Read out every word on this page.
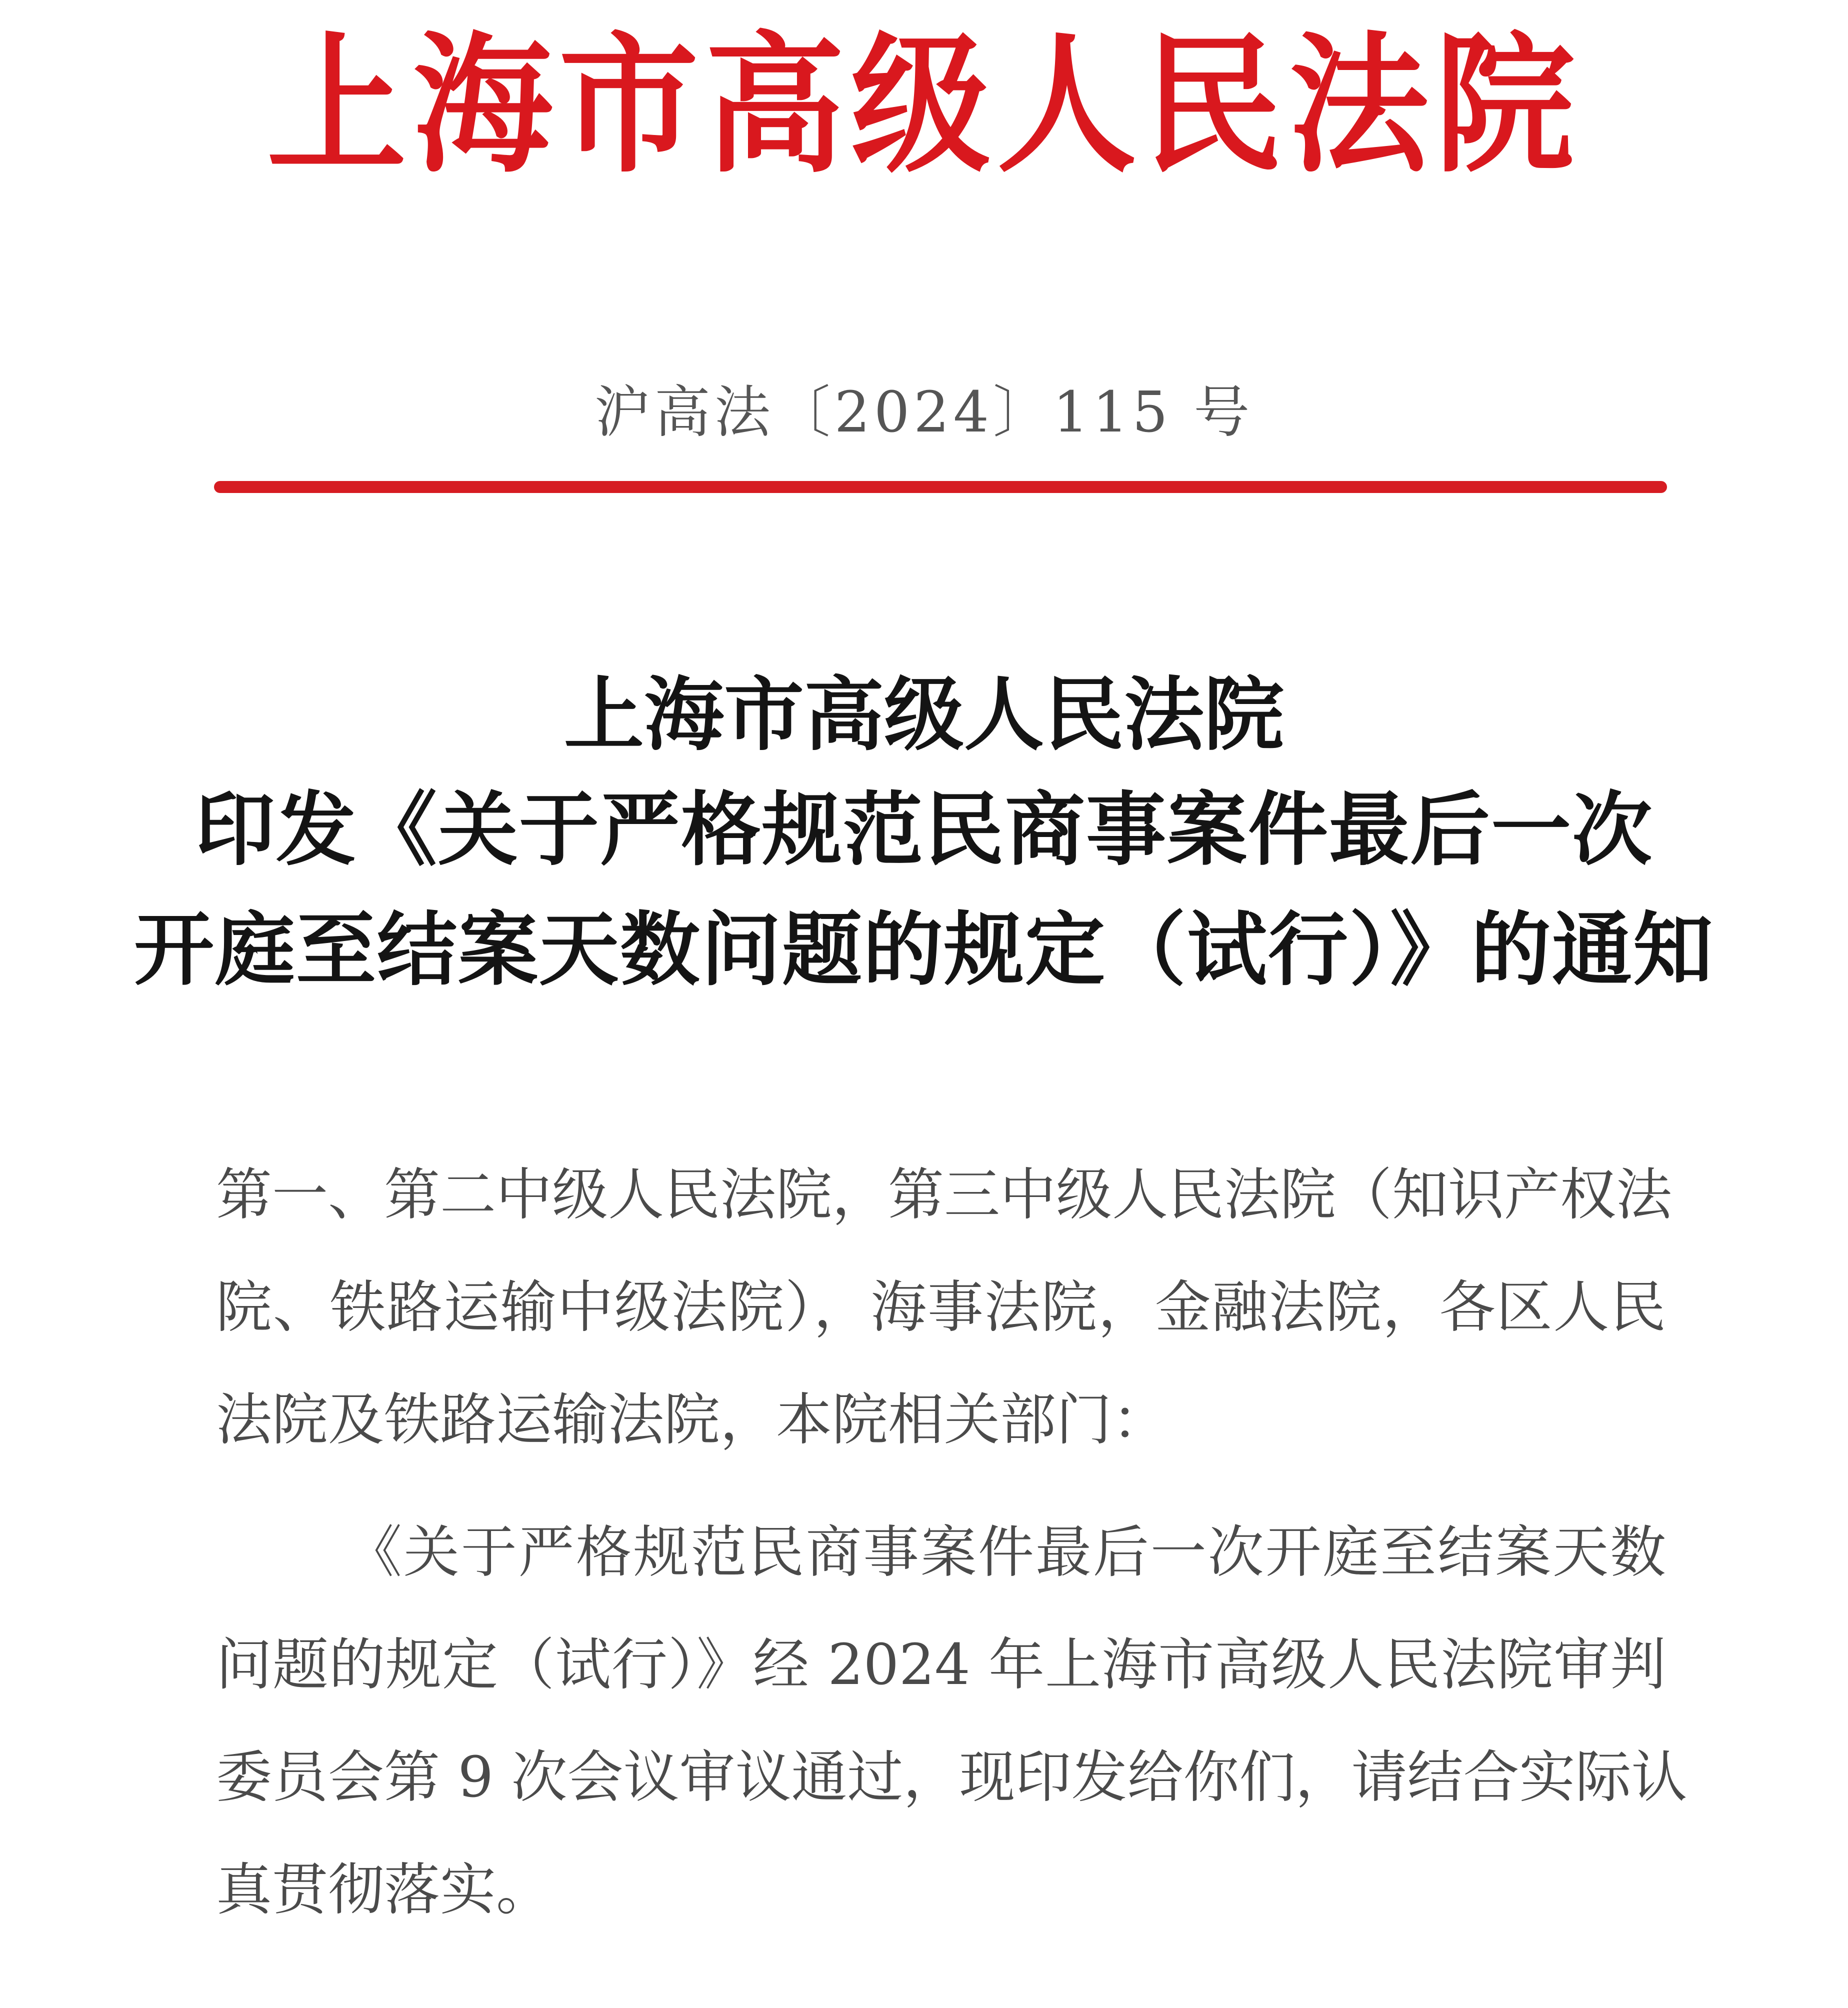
上海市高级人民法院
沪高法〔2024〕115 号
上海市高级人民法院
印发《关于严格规范民商事案件最后一次
开庭至结案天数问题的规定（试行）》的通知
第一、第二中级人民法院，第三中级人民法院（知识产权法
院、铁路运输中级法院），海事法院，金融法院，各区人民
法院及铁路运输法院，本院相关部门：
《关于严格规范民商事案件最后一次开庭至结案天数
问题的规定（试行）》经 2024 年上海市高级人民法院审判
委员会第 9 次会议审议通过，现印发给你们，请结合实际认
真贯彻落实。
